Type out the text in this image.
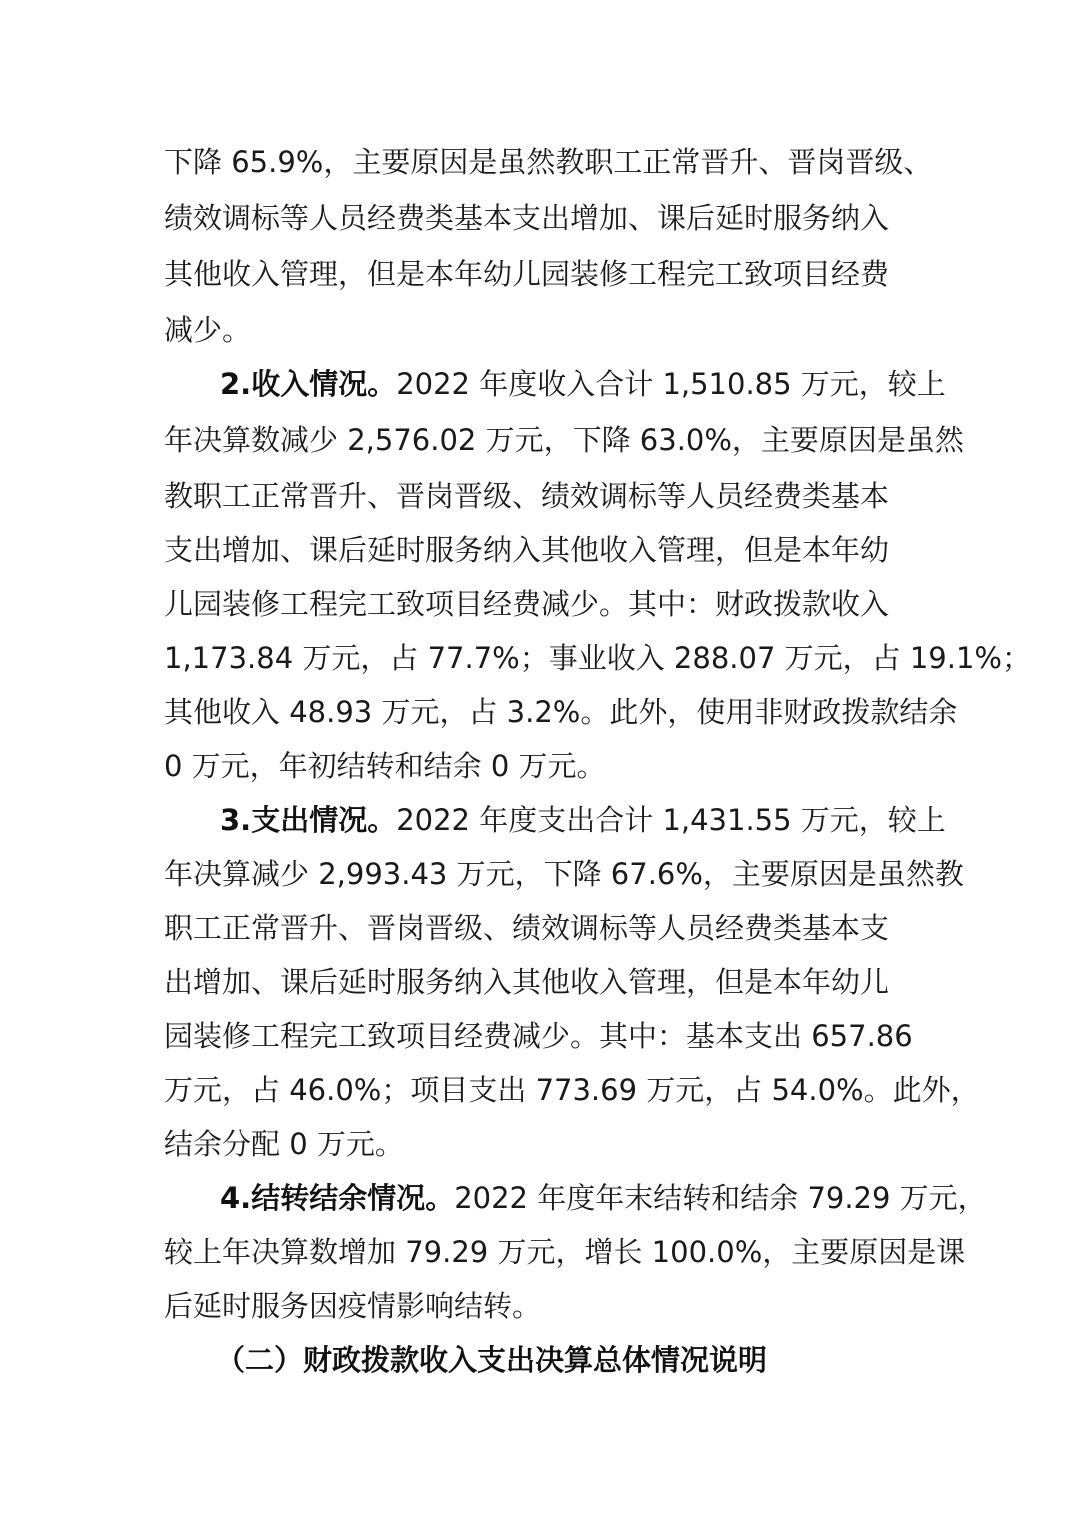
下降 65.9%，主要原因是虽然教职工正常晋升、晋岗晋级、
绩效调标等人员经费类基本支出增加、课后延时服务纳入
其他收入管理，但是本年幼儿园装修工程完工致项目经费
减少。
2.收入情况。2022 年度收入合计 1,510.85 万元，较上
年决算数减少 2,576.02 万元，下降 63.0%，主要原因是虽然
教职工正常晋升、晋岗晋级、绩效调标等人员经费类基本
支出增加、课后延时服务纳入其他收入管理，但是本年幼
儿园装修工程完工致项目经费减少。其中：财政拨款收入
1,173.84 万元，占 77.7%；事业收入 288.07 万元，占 19.1%；
其他收入 48.93 万元，占 3.2%。此外，使用非财政拨款结余
0 万元，年初结转和结余 0 万元。
3.支出情况。2022 年度支出合计 1,431.55 万元，较上
年决算减少 2,993.43 万元，下降 67.6%，主要原因是虽然教
职工正常晋升、晋岗晋级、绩效调标等人员经费类基本支
出增加、课后延时服务纳入其他收入管理，但是本年幼儿
园装修工程完工致项目经费减少。其中：基本支出 657.86
万元，占 46.0%；项目支出 773.69 万元，占 54.0%。此外，
结余分配 0 万元。
4.结转结余情况。2022 年度年末结转和结余 79.29 万元，
较上年决算数增加 79.29 万元，增长 100.0%，主要原因是课
后延时服务因疫情影响结转。
（二）财政拨款收入支出决算总体情况说明
